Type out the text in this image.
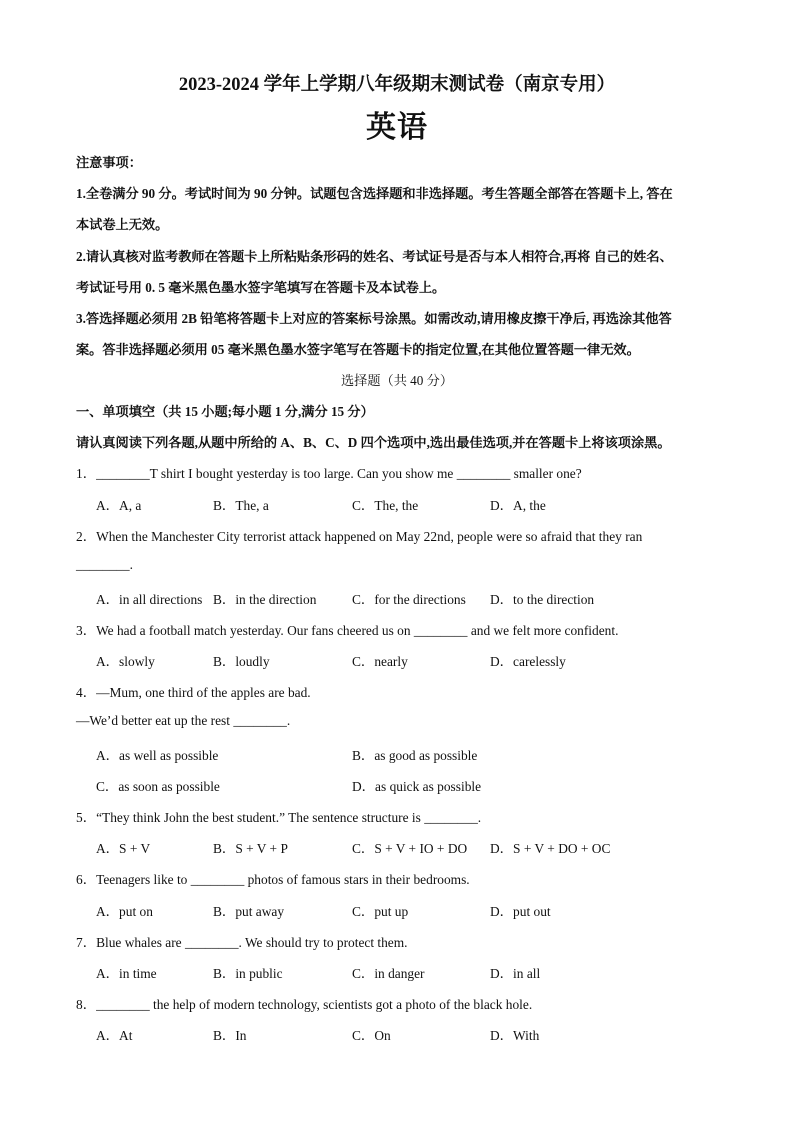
2023-2024 学年上学期八年级期末测试卷（南京专用）
英语
注意事项：
1.全卷满分 90 分。考试时间为 90 分钟。试题包含选择题和非选择题。考生答题全部答在答题卡上, 答在
本试卷上无效。
2.请认真核对监考教师在答题卡上所粘贴条形码的姓名、考试证号是否与本人相符合,再将 自己的姓名、
考试证号用 0. 5 毫米黑色墨水签字笔填写在答题卡及本试卷上。
3.答选择题必须用 2B 铅笔将答题卡上对应的答案标号涂黑。如需改动,请用橡皮擦干净后, 再选涂其他答
案。答非选择题必须用 05 毫米黑色墨水签字笔写在答题卡的指定位置,在其他位置答题一律无效。
选择题（共 40 分）
一、单项填空（共 15 小题;每小题 1 分,满分 15 分）
请认真阅读下列各题,从题中所给的 A、B、C、D 四个选项中,选出最佳选项,并在答题卡上将该项涂黑。
1．________T shirt I bought yesterday is too large. Can you show me ________ smaller one?
A．A, a	B．The, a	C．The, the	D．A, the
2．When the Manchester City terrorist attack happened on May 22nd, people were so afraid that they ran
________.
A．in all directions B．in the direction	C．for the directions D．to the direction
3．We had a football match yesterday. Our fans cheered us on ________ and we felt more confident.
A．slowly	B．loudly	C．nearly	D．carelessly
4．—Mum, one third of the apples are bad.
—We’d better eat up the rest ________.
A．as well as possible	B．as good as possible
C．as soon as possible	D．as quick as possible
5．“They think John the best student.” The sentence structure is ________.
A．S + V	B．S + V + P	C．S + V + IO + DO D．S + V + DO + OC
6．Teenagers like to ________ photos of famous stars in their bedrooms.
A．put on	B．put away	C．put up	D．put out
7．Blue whales are ________. We should try to protect them.
A．in time	B．in public	C．in danger	D．in all
8．________ the help of modern technology, scientists got a photo of the black hole.
A．At	B．In	C．On	D．With
